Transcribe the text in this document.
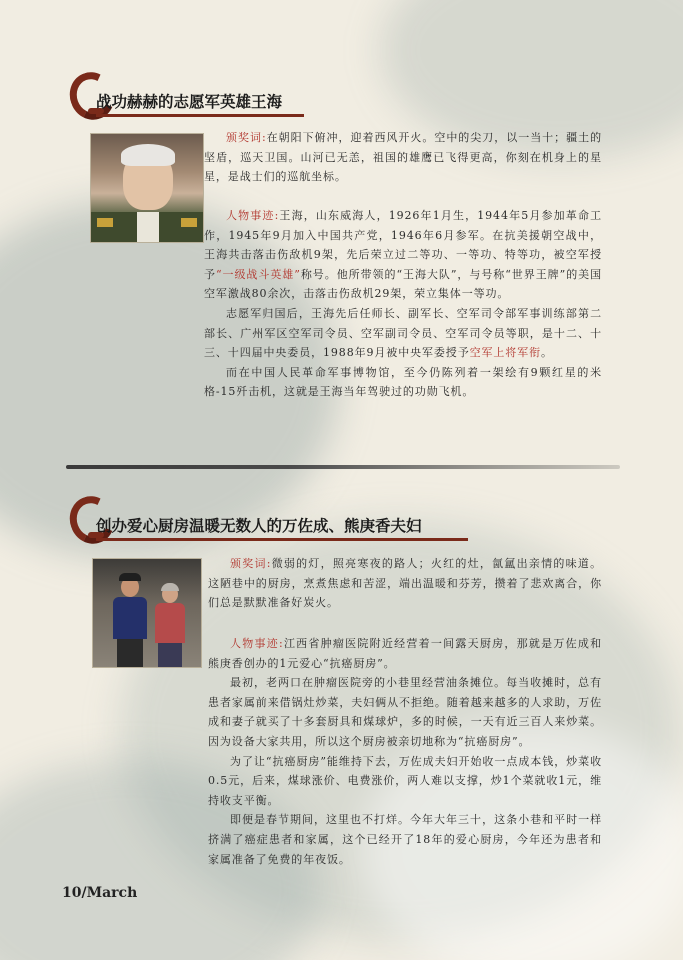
战功赫赫的志愿军英雄王海
颁奖词:在朝阳下俯冲，迎着西风开火。空中的尖刀，以一当十；疆土的坚盾，巡天卫国。山河已无恙，祖国的雄鹰已飞得更高，你刻在机身上的星星，是战士们的巡航坐标。
人物事迹:王海，山东威海人，1926年1月生，1944年5月参加革命工作，1945年9月加入中国共产党，1946年6月参军。在抗美援朝空战中，王海共击落击伤敌机9架，先后荣立过二等功、一等功、特等功，被空军授予“一级战斗英雄”称号。他所带领的“王海大队”，与号称“世界王牌”的美国空军激战80余次，击落击伤敌机29架，荣立集体一等功。
志愿军归国后，王海先后任师长、副军长、空军司令部军事训练部第二部长、广州军区空军司令员、空军副司令员、空军司令员等职，是十二、十三、十四届中央委员，1988年9月被中央军委授予空军上将军衔。
而在中国人民革命军事博物馆，至今仍陈列着一架绘有9颗红星的米格-15歼击机，这就是王海当年驾驶过的功勋飞机。
创办爱心厨房温暖无数人的万佐成、熊庚香夫妇
颁奖词:微弱的灯，照亮寒夜的路人；火红的灶，氤氲出亲情的味道。这陋巷中的厨房，烹煮焦虑和苦涩，端出温暖和芬芳，攒着了悲欢离合，你们总是默默准备好炭火。
人物事迹:江西省肿瘤医院附近经营着一间露天厨房，那就是万佐成和熊庚香创办的1元爱心“抗癌厨房”。
最初，老两口在肿瘤医院旁的小巷里经营油条摊位。每当收摊时，总有患者家属前来借锅灶炒菜，夫妇俩从不拒绝。随着越来越多的人求助，万佐成和妻子就买了十多套厨具和煤球炉，多的时候，一天有近三百人来炒菜。因为设备大家共用，所以这个厨房被亲切地称为“抗癌厨房”。
为了让“抗癌厨房”能维持下去，万佐成夫妇开始收一点成本钱，炒菜收0.5元，后来，煤球涨价、电费涨价，两人难以支撑，炒1个菜就收1元，维持收支平衡。
即便是春节期间，这里也不打烊。今年大年三十，这条小巷和平时一样挤满了癌症患者和家属，这个已经开了18年的爱心厨房，今年还为患者和家属准备了免费的年夜饭。
10/March
